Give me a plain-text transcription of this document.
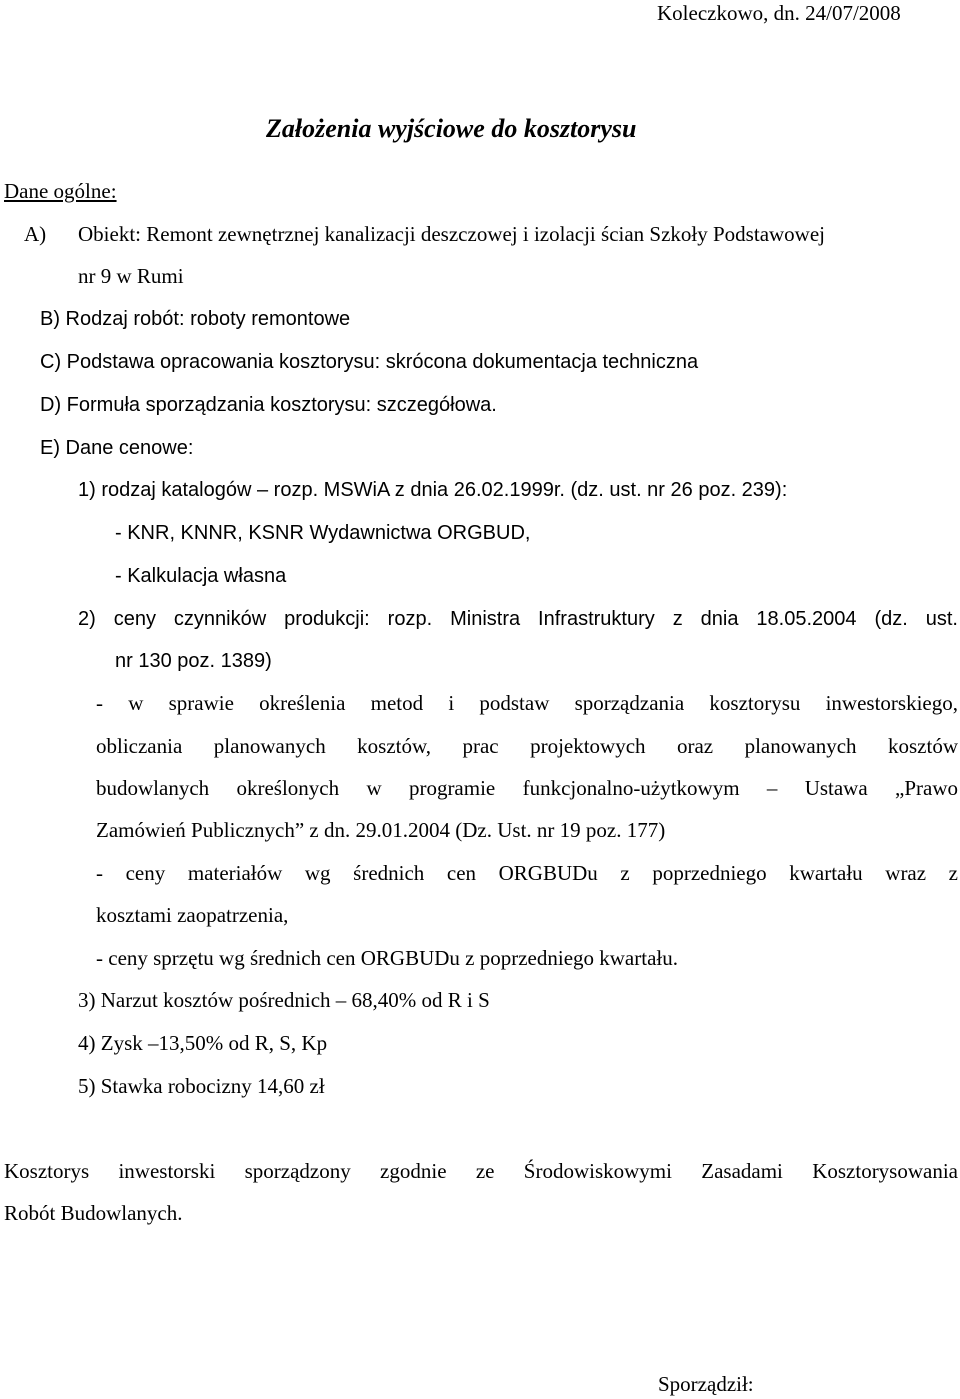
Koleczkowo, dn. 24/07/2008
Założenia wyjściowe do kosztorysu
Dane ogólne:
A) Obiekt: Remont zewnętrznej kanalizacji deszczowej i izolacji ścian Szkoły Podstawowej
nr 9 w Rumi
B) Rodzaj robót: roboty remontowe
C) Podstawa opracowania kosztorysu: skrócona dokumentacja techniczna
D) Formuła sporządzania kosztorysu: szczegółowa.
E) Dane cenowe:
1) rodzaj katalogów – rozp. MSWiA z dnia 26.02.1999r. (dz. ust. nr 26 poz. 239):
- KNR, KNNR, KSNR Wydawnictwa ORGBUD,
- Kalkulacja własna
2) ceny czynników produkcji: rozp. Ministra Infrastruktury z dnia 18.05.2004 (dz. ust.
nr 130 poz. 1389)
- w sprawie określenia metod i podstaw sporządzania kosztorysu inwestorskiego,
obliczania planowanych kosztów, prac projektowych oraz planowanych kosztów
budowlanych określonych w programie funkcjonalno-użytkowym – Ustawa „Prawo
Zamówień Publicznych” z dn. 29.01.2004 (Dz. Ust. nr 19 poz. 177)
- ceny materiałów wg średnich cen ORGBUDu z poprzedniego kwartału wraz z
kosztami zaopatrzenia,
- ceny sprzętu wg średnich cen ORGBUDu z poprzedniego kwartału.
3) Narzut kosztów pośrednich – 68,40% od R i S
4) Zysk –13,50% od R, S, Kp
5) Stawka robocizny 14,60 zł
Kosztorys inwestorski sporządzony zgodnie ze Środowiskowymi Zasadami Kosztorysowania
Robót Budowlanych.
Sporządził:
